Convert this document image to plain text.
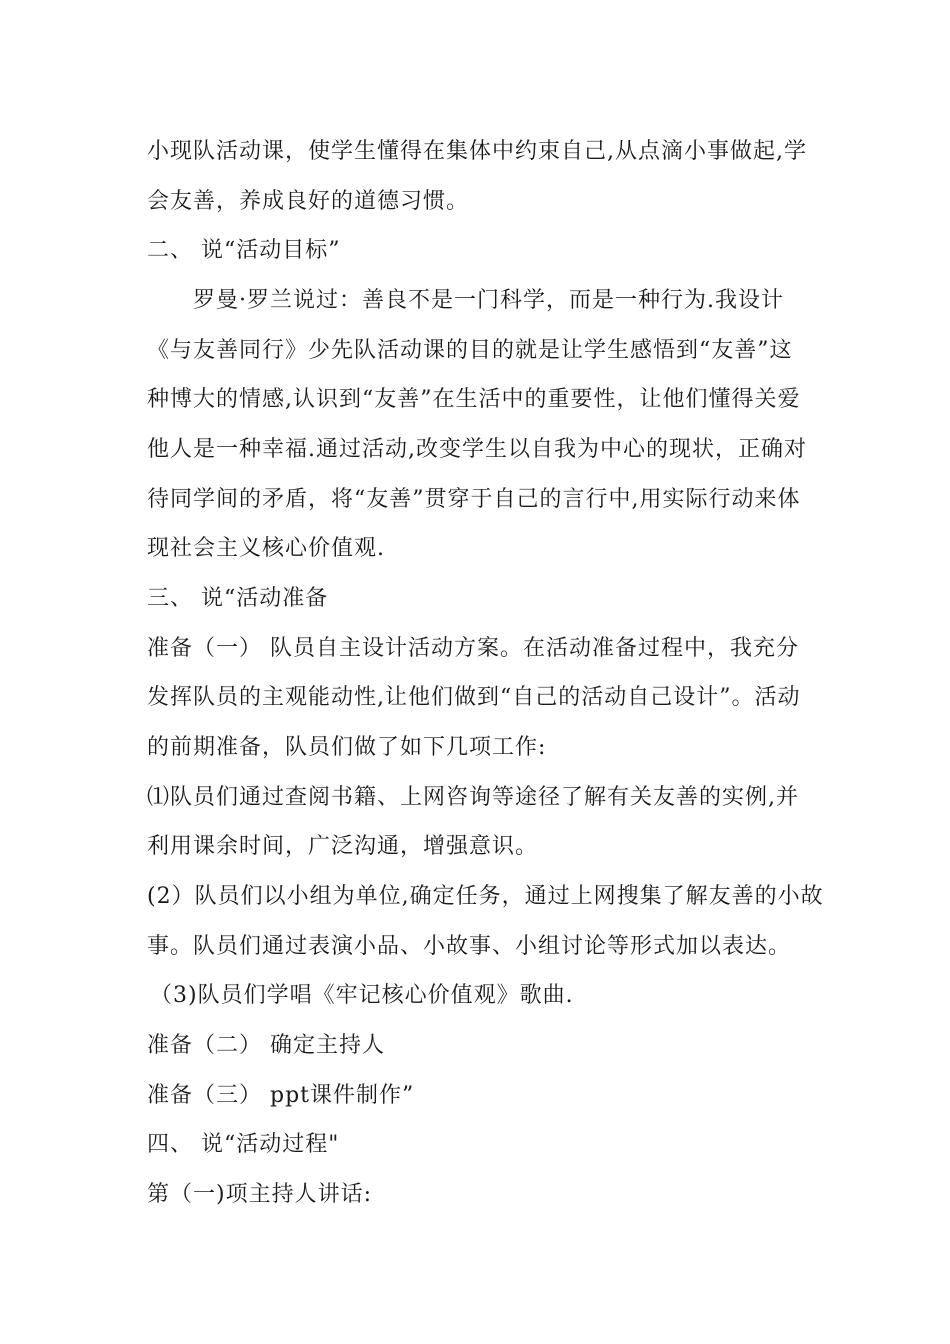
小现队活动课，使学生懂得在集体中约束自己,从点滴小事做起,学
会友善，养成良好的道德习惯。
二、 说“活动目标”
罗曼·罗兰说过：善良不是一门科学，而是一种行为.我设计
《与友善同行》少先队活动课的目的就是让学生感悟到“友善”这
种博大的情感,认识到“友善”在生活中的重要性，让他们懂得关爱
他人是一种幸福.通过活动,改变学生以自我为中心的现状，正确对
待同学间的矛盾，将“友善”贯穿于自己的言行中,用实际行动来体
现社会主义核心价值观.
三、 说“活动准备
准备（一） 队员自主设计活动方案。在活动准备过程中，我充分
发挥队员的主观能动性,让他们做到“自己的活动自己设计”。活动
的前期准备，队员们做了如下几项工作:
⑴队员们通过查阅书籍、上网咨询等途径了解有关友善的实例,并
利用课余时间，广泛沟通，增强意识。
(2）队员们以小组为单位,确定任务，通过上网搜集了解友善的小故
事。队员们通过表演小品、小故事、小组讨论等形式加以表达。
（3)队员们学唱《牢记核心价值观》歌曲.
准备（二） 确定主持人
准备（三） ppt课件制作”
四、 说“活动过程"
第（一)项主持人讲话:
